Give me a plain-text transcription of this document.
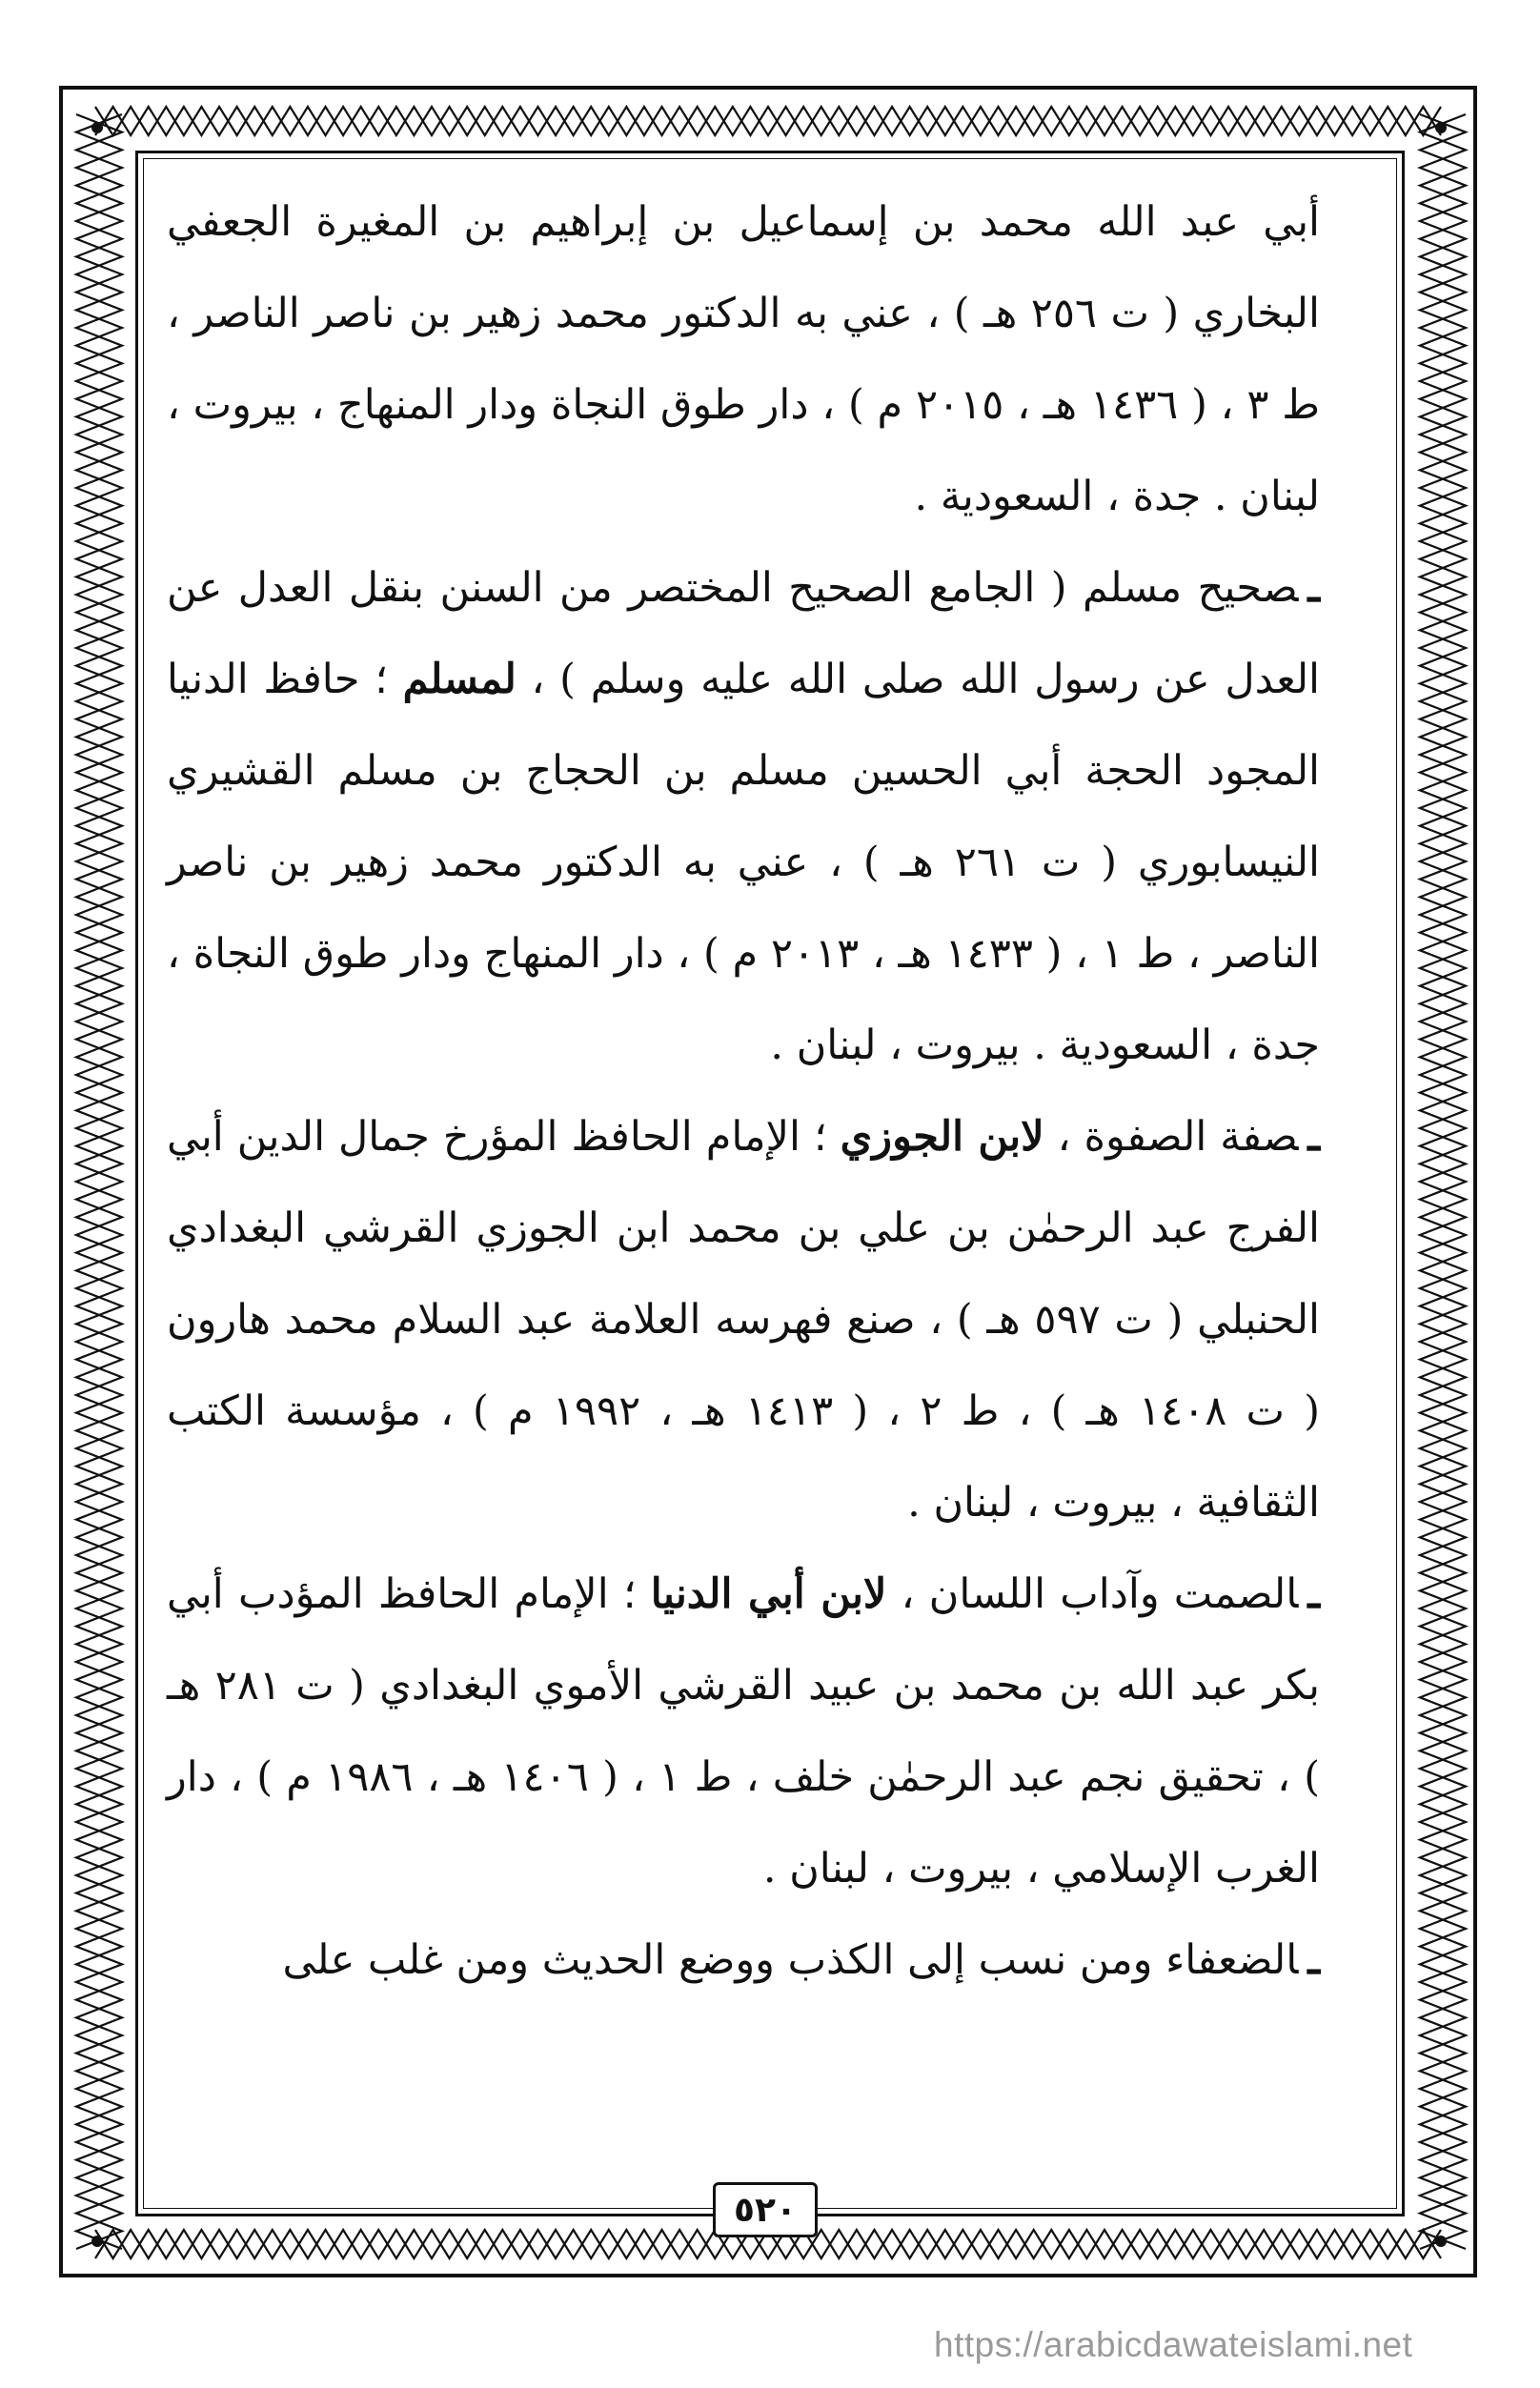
أبي عبد الله محمد بن إسماعيل بن إبراهيم بن المغيرة الجعفي البخاري ( ت ٢٥٦ هـ ) ، عني به الدكتور محمد زهير بن ناصر الناصر ، ط ٣ ، ( ١٤٣٦ هـ ، ٢٠١٥ م ) ، دار طوق النجاة ودار المنهاج ، بيروت ، لبنان . جدة ، السعودية .

ـصحيح مسلم ( الجامع الصحيح المختصر من السنن بنقل العدل عن العدل عن رسول الله صلى الله عليه وسلم ) ، لمسلم ؛ حافظ الدنيا المجود الحجة أبي الحسين مسلم بن الحجاج بن مسلم القشيري النيسابوري ( ت ٢٦١ هـ ) ، عني به الدكتور محمد زهير بن ناصر الناصر ، ط ١ ، ( ١٤٣٣ هـ ، ٢٠١٣ م ) ، دار المنهاج ودار طوق النجاة ، جدة ، السعودية . بيروت ، لبنان .

ـصفة الصفوة ، لابن الجوزي ؛ الإمام الحافظ المؤرخ جمال الدين أبي الفرج عبد الرحمٰن بن علي بن محمد ابن الجوزي القرشي البغدادي الحنبلي ( ت ٥٩٧ هـ ) ، صنع فهرسه العلامة عبد السلام محمد هارون ( ت ١٤٠٨ هـ ) ، ط ٢ ، ( ١٤١٣ هـ ، ١٩٩٢ م ) ، مؤسسة الكتب الثقافية ، بيروت ، لبنان .

ـالصمت وآداب اللسان ، لابن أبي الدنيا ؛ الإمام الحافظ المؤدب أبي بكر عبد الله بن محمد بن عبيد القرشي الأموي البغدادي ( ت ٢٨١ هـ ) ، تحقيق نجم عبد الرحمٰن خلف ، ط ١ ، ( ١٤٠٦ هـ ، ١٩٨٦ م ) ، دار الغرب الإسلامي ، بيروت ، لبنان .

ـالضعفاء ومن نسب إلى الكذب ووضع الحديث ومن غلب على

٥٢٠
https://arabicdawateislami.net
